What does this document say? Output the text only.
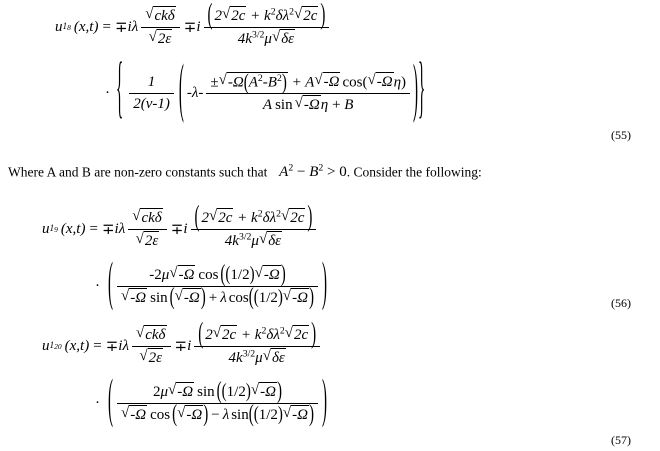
u 1 8 (x,t) = ∓ i λ √ ckδ
√ 2ε ∓ i $\frac{( 2 √ 2c + k^2\delta\lambda^2 √ 2c )}{4k^{3/2}\mu √ \delta\varepsilon}$
· { $\frac{1}{2(\nu-1)}$ ( $-\lambda- \frac{\pm √ -\Omega(A^2-B^2) + A √ -\Omega \cos( √ -\Omega\eta)}{\text{A sin √ -Ωη + B}}$ ) }
(55)
Where A and B are non-zero constants such that $A^2 - B^2 > 0$. Consider the following:
u 1 9 (x,t) = ∓ i λ √ ckδ
√ 2ε ∓ i $\frac{( 2 √ 2c + k^2\delta\lambda^2 √ 2c )}{4k^{3/2}\mu √ \delta\varepsilon}$
· ( -2μ √ -Ω cos ((1/2) √ -Ω)
√ -Ω sin ( √ -Ω) + λ cos((1/2) √ -Ω) )	(56)
u 1 20 (x,t) = ∓ i λ √ ckδ
√ 2ε ∓ i $\frac{( 2 √ 2c + k^2\delta\lambda^2 √ 2c )}{4k^{3/2}\mu √ \delta\varepsilon}$
· ( 2μ √ -Ω sin ((1/2) √ -Ω)
√ -Ω cos ( √ -Ω) − λ sin((1/2) √ -Ω) )
(57)
